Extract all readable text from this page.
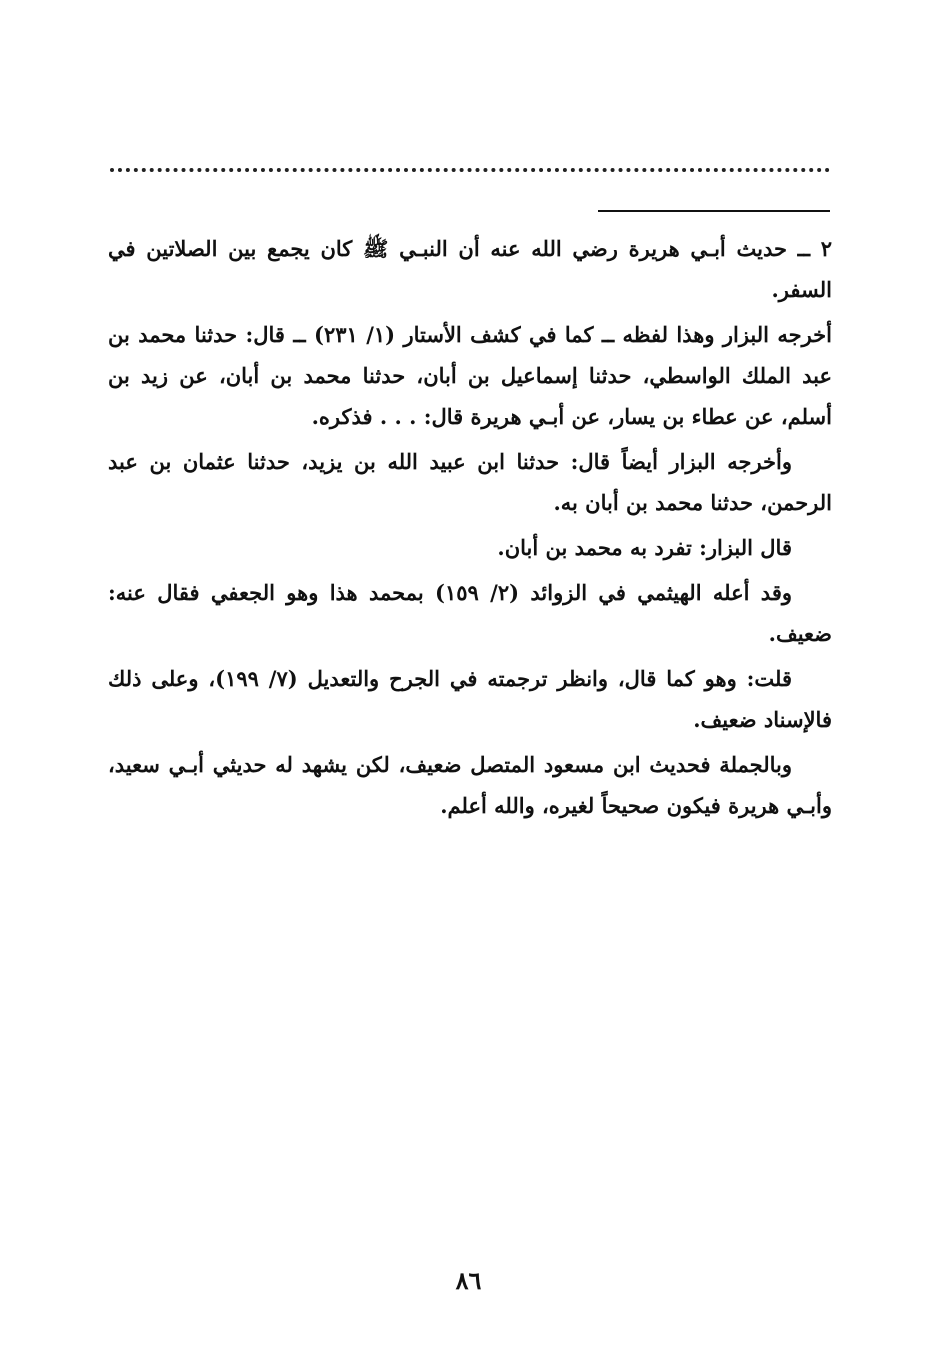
٢ ــ حديث أبـي هريرة رضي الله عنه أن النبـي ﷺ كان يجمع بين الصلاتين في السفر.

أخرجه البزار وهذا لفظه ــ كما في كشف الأستار (١/ ٢٣١) ــ قال: حدثنا محمد بن عبد الملك الواسطي، حدثنا إسماعيل بن أبان، حدثنا محمد بن أبان، عن زيد بن أسلم، عن عطاء بن يسار، عن أبـي هريرة قال: . . . فذكره.

وأخرجه البزار أيضاً قال: حدثنا ابن عبيد الله بن يزيد، حدثنا عثمان بن عبد الرحمن، حدثنا محمد بن أبان به.

قال البزار: تفرد به محمد بن أبان.

وقد أعله الهيثمي في الزوائد (٢/ ١٥٩) بمحمد هذا وهو الجعفي فقال عنه: ضعيف.

قلت: وهو كما قال، وانظر ترجمته في الجرح والتعديل (٧/ ١٩٩)، وعلى ذلك فالإسناد ضعيف.

وبالجملة فحديث ابن مسعود المتصل ضعيف، لكن يشهد له حديثي أبـي سعيد، وأبـي هريرة فيكون صحيحاً لغيره، والله أعلم.

٨٦
